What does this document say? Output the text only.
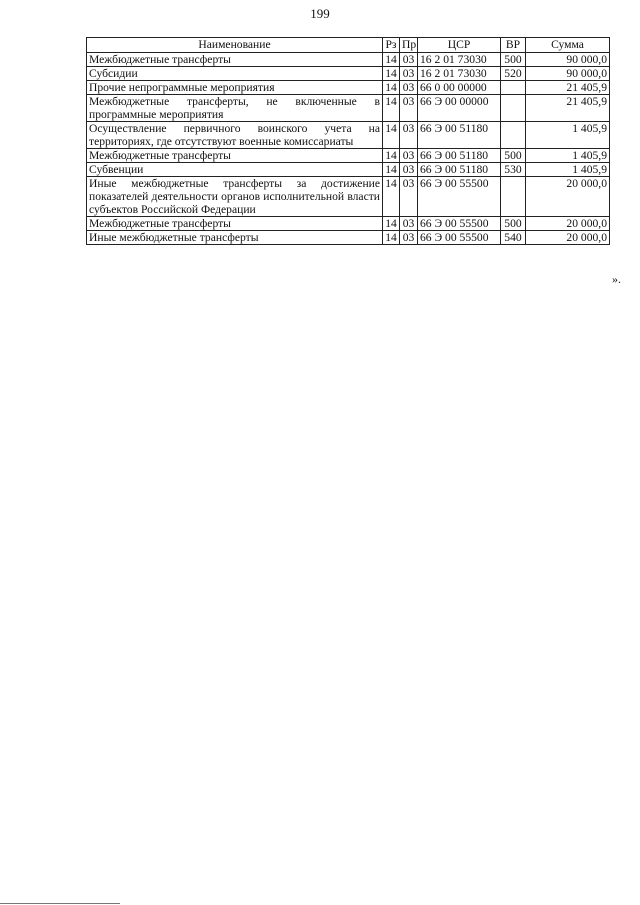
199
Наименование	Рз	Пр	ЦСР	ВР	Сумма
Межбюджетные трансферты	14	03	16 2 01 73030	500	90 000,0
Субсидии	14	03	16 2 01 73030	520	90 000,0
Прочие непрограммные мероприятия	14	03	66 0 00 00000		21 405,9
Межбюджетные трансферты, не включенные в программные мероприятия	14	03	66 Э 00 00000		21 405,9
Осуществление первичного воинского учета на территориях, где отсутствуют военные комиссариаты	14	03	66 Э 00 51180		1 405,9
Межбюджетные трансферты	14	03	66 Э 00 51180	500	1 405,9
Субвенции	14	03	66 Э 00 51180	530	1 405,9
Иные межбюджетные трансферты за достижение показателей деятельности органов исполнительной власти субъектов Российской Федерации	14	03	66 Э 00 55500		20 000,0
Межбюджетные трансферты	14	03	66 Э 00 55500	500	20 000,0
Иные межбюджетные трансферты	14	03	66 Э 00 55500	540	20 000,0
».
